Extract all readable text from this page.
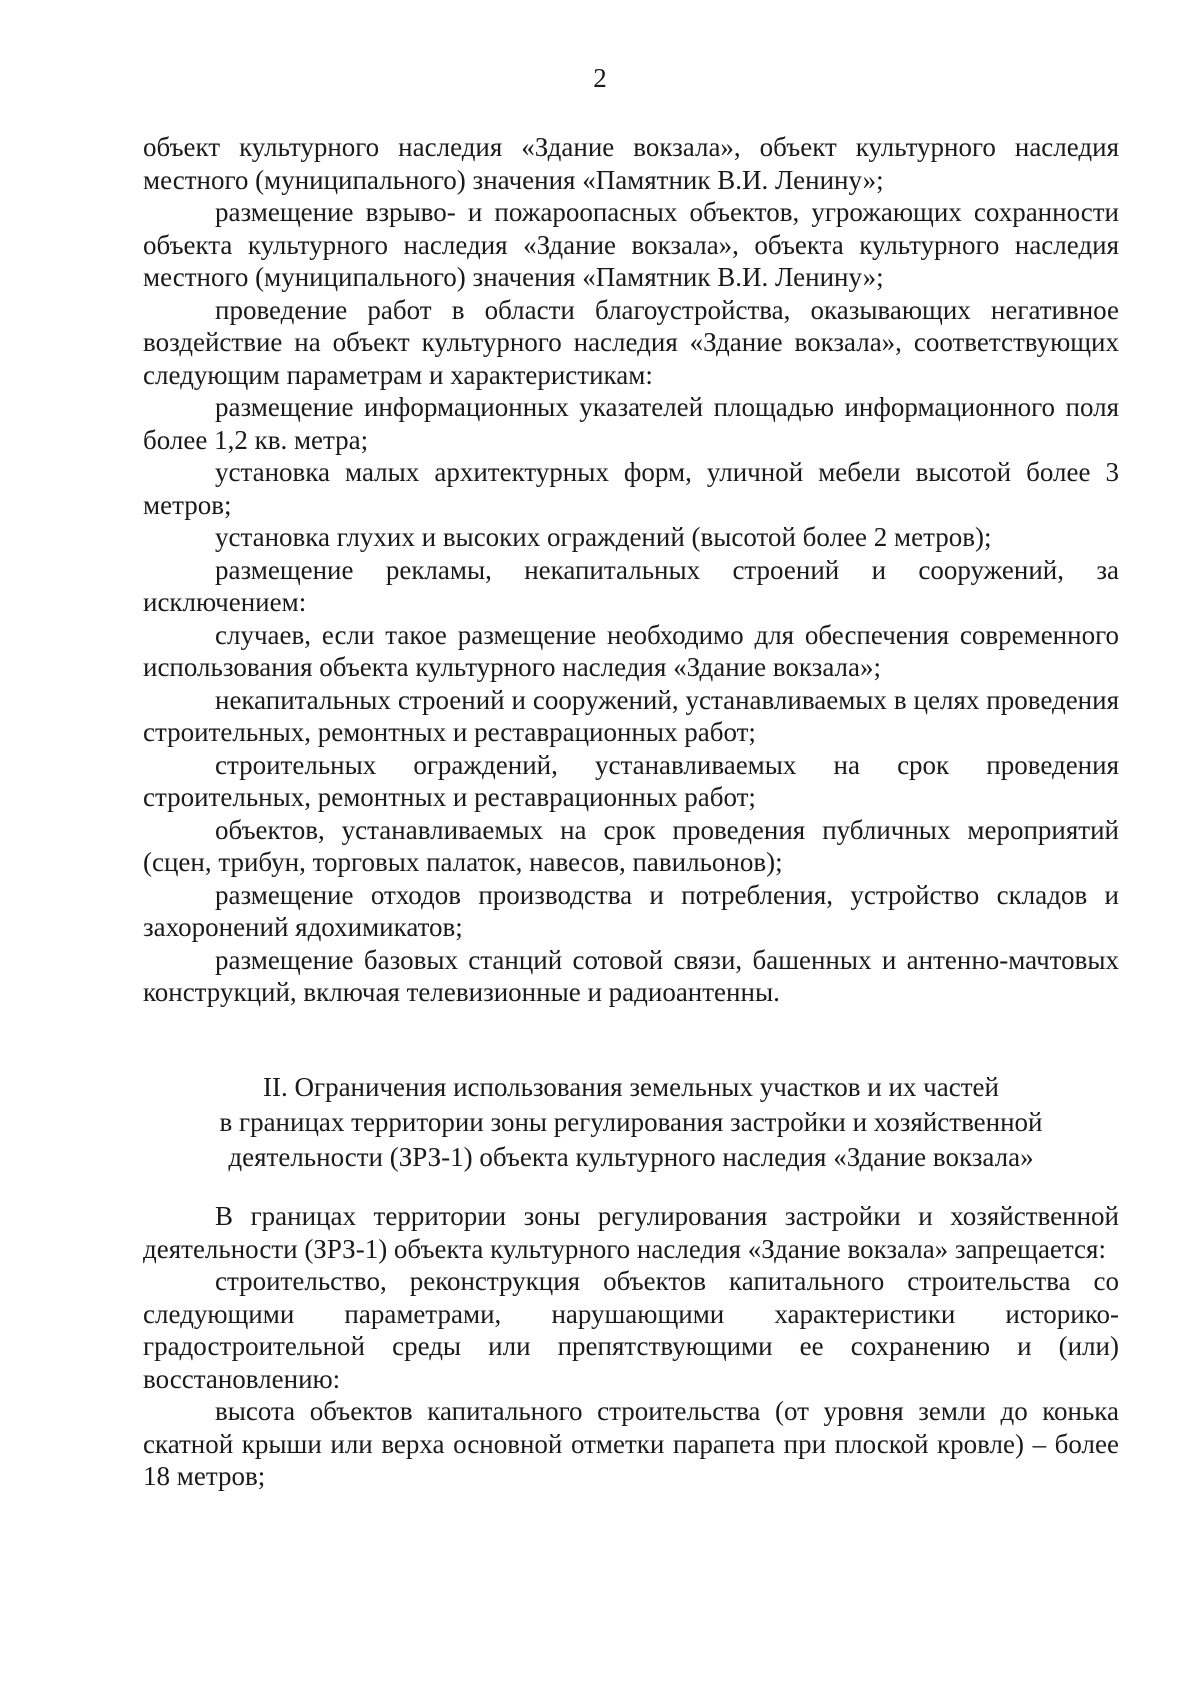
2

объект культурного наследия «Здание вокзала», объект культурного наследия местного (муниципального) значения «Памятник В.И. Ленину»;

размещение взрыво- и пожароопасных объектов, угрожающих сохранности объекта культурного наследия «Здание вокзала», объекта культурного наследия местного (муниципального) значения «Памятник В.И. Ленину»;

проведение работ в области благоустройства, оказывающих негативное воздействие на объект культурного наследия «Здание вокзала», соответствующих следующим параметрам и характеристикам:

размещение информационных указателей площадью информационного поля более 1,2 кв. метра;

установка малых архитектурных форм, уличной мебели высотой более 3 метров;

установка глухих и высоких ограждений (высотой более 2 метров);

размещение рекламы, некапитальных строений и сооружений, за исключением:

случаев, если такое размещение необходимо для обеспечения современного использования объекта культурного наследия «Здание вокзала»;

некапитальных строений и сооружений, устанавливаемых в целях проведения строительных, ремонтных и реставрационных работ;

строительных ограждений, устанавливаемых на срок проведения строительных, ремонтных и реставрационных работ;

объектов, устанавливаемых на срок проведения публичных мероприятий (сцен, трибун, торговых палаток, навесов, павильонов);

размещение отходов производства и потребления, устройство складов и захоронений ядохимикатов;

размещение базовых станций сотовой связи, башенных и антенно-мачтовых конструкций, включая телевизионные и радиоантенны.

II. Ограничения использования земельных участков и их частей
в границах территории зоны регулирования застройки и хозяйственной
деятельности (ЗРЗ-1) объекта культурного наследия «Здание вокзала»

В границах территории зоны регулирования застройки и хозяйственной деятельности (ЗРЗ-1) объекта культурного наследия «Здание вокзала» запрещается:

строительство, реконструкция объектов капитального строительства со следующими параметрами, нарушающими характеристики историко-градостроительной среды или препятствующими ее сохранению и (или) восстановлению:

высота объектов капитального строительства (от уровня земли до конька скатной крыши или верха основной отметки парапета при плоской кровле) – более 18 метров;
